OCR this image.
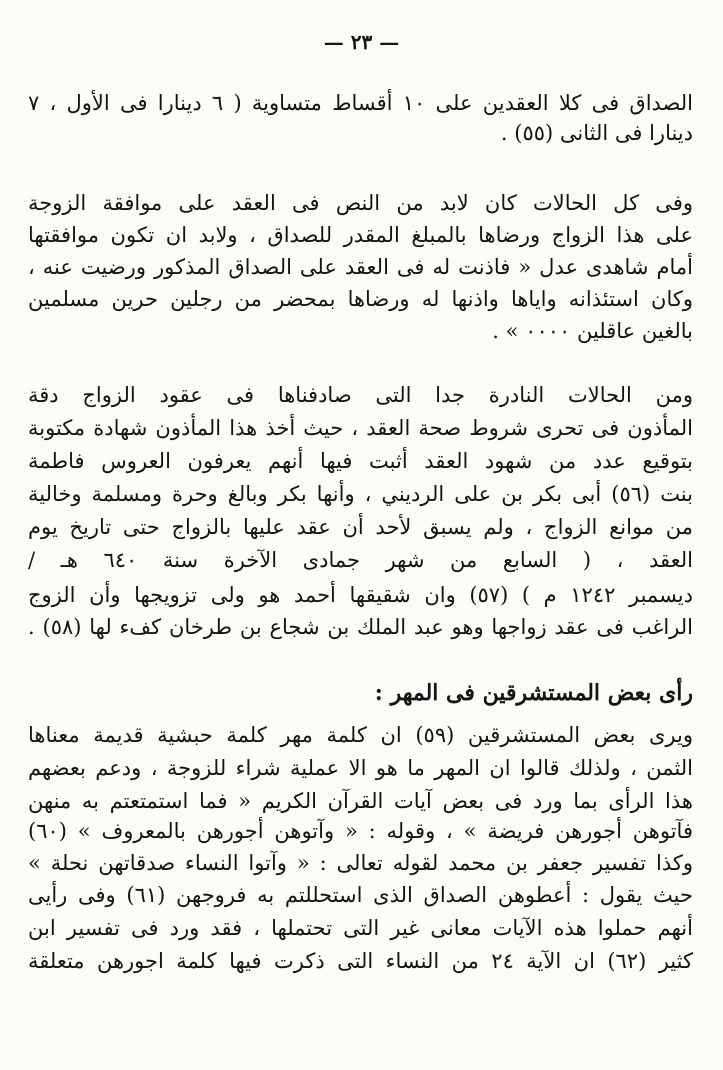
— ٢٣ —
الصداق فى كلا العقدين على ١٠ أقساط متساوية ( ٦ دينارا فى الأول ، ٧
دينارا فى الثانى (٥٥) .
وفى كل الحالات كان لابد من النص فى العقد على موافقة الزوجة
على هذا الزواج ورضاها بالمبلغ المقدر للصداق ، ولابد ان تكون موافقتها
أمام شاهدى عدل « فاذنت له فى العقد على الصداق المذكور ورضيت عنه ،
وكان استئذانه واياها واذنها له ورضاها بمحضر من رجلين حرين مسلمين
بالغين عاقلين ٠٠٠٠ » .
ومن الحالات النادرة جدا التى صادفناها فى عقود الزواج دقة
المأذون فى تحرى شروط صحة العقد ، حيث أخذ هذا المأذون شهادة مكتوبة
بتوقيع عدد من شهود العقد أثبت فيها أنهم يعرفون العروس فاطمة
بنت (٥٦) أبى بكر بن على الرديني ، وأنها بكر وبالغ وحرة ومسلمة وخالية
من موانع الزواج ، ولم يسبق لأحد أن عقد عليها بالزواج حتى تاريخ يوم
العقد ، ( السابع من شهر جمادى الآخرة سنة ٦٤٠ هـ /
ديسمبر ١٢٤٢ م ) (٥٧) وان شقيقها أحمد هو ولى تزويجها وأن الزوج
الراغب فى عقد زواجها وهو عبد الملك بن شجاع بن طرخان كفء لها (٥٨) .
رأى بعض المستشرقين فى المهر :
ويرى بعض المستشرقين (٥٩) ان كلمة مهر كلمة حبشية قديمة معناها
الثمن ، ولذلك قالوا ان المهر ما هو الا عملية شراء للزوجة ، ودعم بعضهم
هذا الرأى بما ورد فى بعض آيات القرآن الكريم « فما استمتعتم به منهن
فآتوهن أجورهن فريضة » ، وقوله : « وآتوهن أجورهن بالمعروف » (٦٠)
وكذا تفسير جعفر بن محمد لقوله تعالى : « وآتوا النساء صدقاتهن نحلة »
حيث يقول : أعطوهن الصداق الذى استحللتم به فروجهن (٦١) وفى رأيى
أنهم حملوا هذه الآيات معانى غير التى تحتملها ، فقد ورد فى تفسير ابن
كثير (٦٢) ان الآية ٢٤ من النساء التى ذكرت فيها كلمة اجورهن متعلقة
